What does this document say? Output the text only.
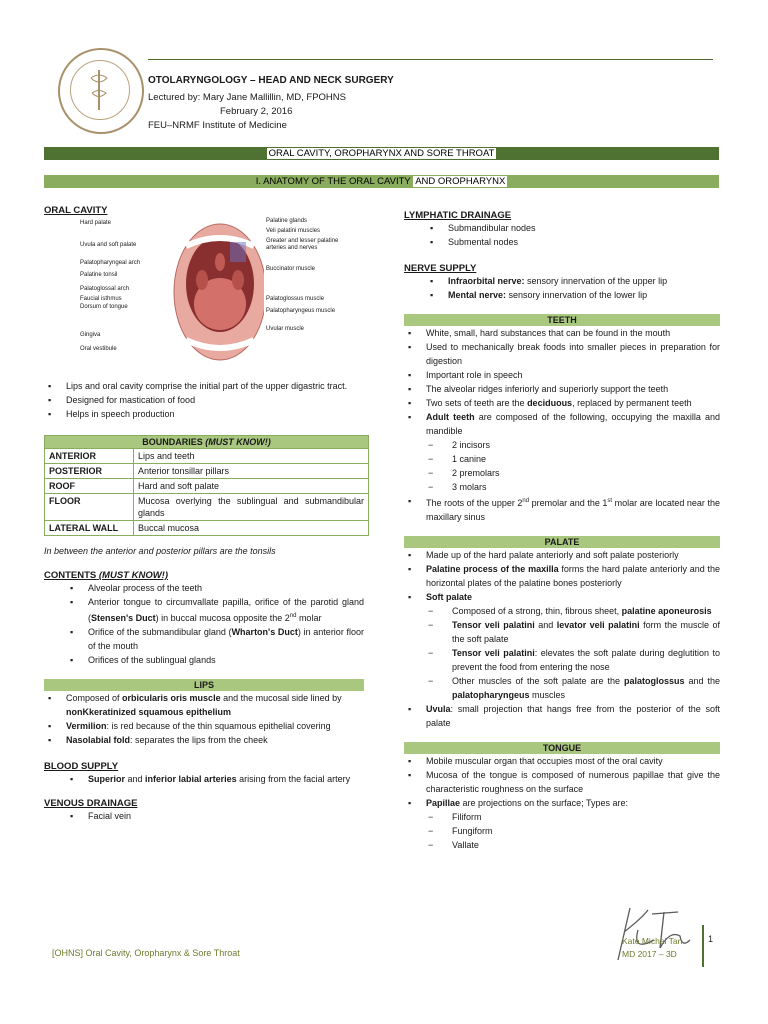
OTOLARYNGOLOGY – HEAD AND NECK SURGERY
Lectured by: Mary Jane Mallillin, MD, FPOHNS
February 2, 2016
FEU–NRMF Institute of Medicine
ORAL CAVITY, OROPHARYNX AND SORE THROAT
I. ANATOMY OF THE ORAL CAVITY AND OROPHARYNX

ORAL CAVITY

Hard palate
Uvula and soft palate
Palatopharyngeal arch
Palatine tonsil
Palatoglossal arch
Faucial isthmus
Dorsum of tongue
Gingiva
Oral vestibule
Palatine glands
Veli palatini muscles
Greater and lesser palatine arteries and nerves
Buccinator muscle
Palatoglossus muscle
Palatopharyngeus muscle
Uvular muscle
▪ Lips and oral cavity comprise the initial part of the upper digastric tract.
▪ Designed for mastication of food
▪ Helps in speech production
BOUNDARIES (MUST KNOW!)	
ANTERIOR	Lips and teeth
POSTERIOR	Anterior tonsillar pillars
ROOF	Hard and soft palate
FLOOR	Mucosa overlying the sublingual and submandibular glands
LATERAL WALL	Buccal mucosa

In between the anterior and posterior pillars are the tonsils

CONTENTS (MUST KNOW!)

▪ Alveolar process of the teeth
▪ Anterior tongue to circumvallate papilla, orifice of the parotid gland (Stensen's Duct) in buccal mucosa opposite the 2nd molar
▪ Orifice of the submandibular gland (Wharton's Duct) in anterior floor of the mouth
▪ Orifices of the sublingual glands

LIPS

▪ Composed of orbicularis oris muscle and the mucosal side lined by nonKkeratinized squamous epithelium
▪ Vermilion: is red because of the thin squamous epithelial covering
▪ Nasolabial fold: separates the lips from the cheek

BLOOD SUPPLY

▪ Superior and inferior labial arteries arising from the facial artery

VENOUS DRAINAGE

▪ Facial vein

LYMPHATIC DRAINAGE

▪ Submandibular nodes
▪ Submental nodes

NERVE SUPPLY

▪ Infraorbital nerve: sensory innervation of the upper lip
▪ Mental nerve: sensory innervation of the lower lip

TEETH

▪ White, small, hard substances that can be found in the mouth
▪ Used to mechanically break foods into smaller pieces in preparation for digestion
▪ Important role in speech
▪ The alveolar ridges inferiorly and superiorly support the teeth
▪ Two sets of teeth are the deciduous, replaced by permanent teeth
▪ Adult teeth are composed of the following, occupying the maxilla and mandible
− 2 incisors
− 1 canine
− 2 premolars
− 3 molars
▪ The roots of the upper 2nd premolar and the 1st molar are located near the maxillary sinus

PALATE

▪ Made up of the hard palate anteriorly and soft palate posteriorly
▪ Palatine process of the maxilla forms the hard palate anteriorly and the horizontal plates of the palatine bones posteriorly
▪ Soft palate
− Composed of a strong, thin, fibrous sheet, palatine aponeurosis
− Tensor veli palatini and levator veli palatini form the muscle of the soft palate
− Tensor veli palatini: elevates the soft palate during deglutition to prevent the food from entering the nose
− Other muscles of the soft palate are the palatoglossus and the palatopharyngeus muscles
▪ Uvula: small projection that hangs free from the posterior of the soft palate

TONGUE

▪ Mobile muscular organ that occupies most of the oral cavity
▪ Mucosa of the tongue is composed of numerous papillae that give the characteristic roughness on the surface
▪ Papillae are projections on the surface; Types are:
− Filiform
− Fungiform
− Vallate
[OHNS] Oral Cavity, Oropharynx & Sore Throat
Kate Michal Tan
MD 2017 – 3D
1
